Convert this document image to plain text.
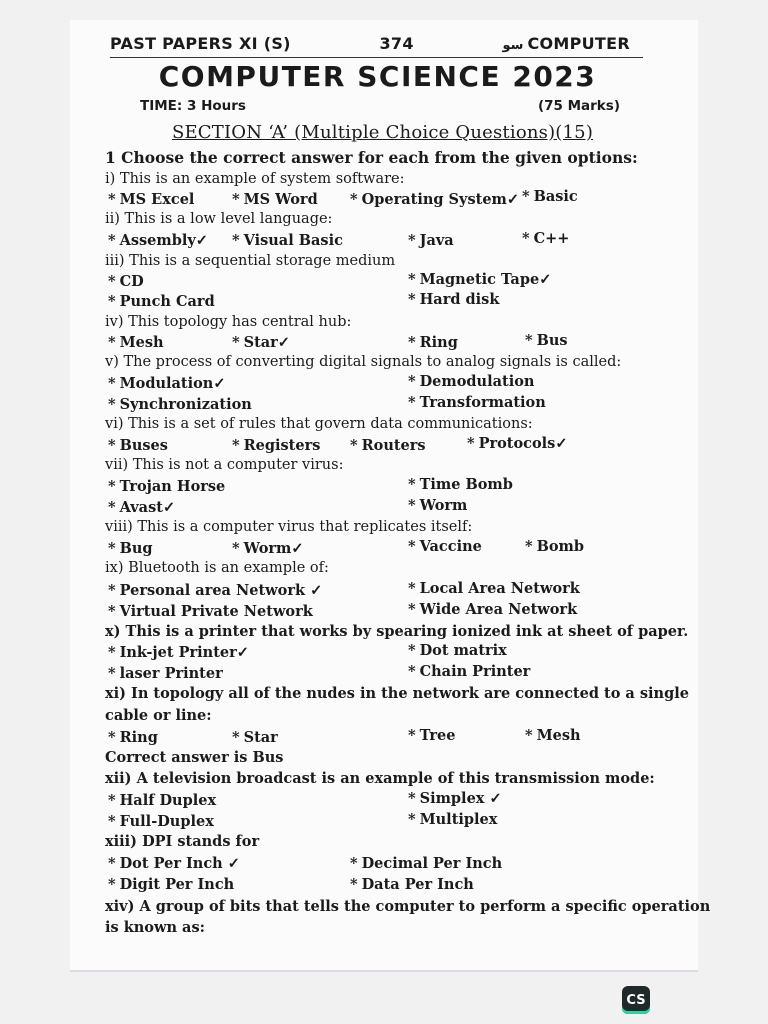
PAST PAPERS XI (S)	374	سو COMPUTER
COMPUTER SCIENCE 2023
TIME: 3 Hours	(75 Marks)
SECTION ‘A’ (Multiple Choice Questions)(15)
1 Choose the correct answer for each from the given options:
i) This is an example of system software:
* MS Excel	* MS Word * Operating System✓ * Basic
ii) This is a low level language:
* Assembly✓ * Visual Basic	* Java	* C++
iii) This is a sequential storage medium
* CD	* Magnetic Tape✓
* Punch Card	* Hard disk
iv) This topology has central hub:
* Mesh	* Star✓	* Ring	* Bus
v) The process of converting digital signals to analog signals is called:
* Modulation✓	* Demodulation
* Synchronization	* Transformation
vi) This is a set of rules that govern data communications:
* Buses	* Registers * Routers	* Protocols✓
vii) This is not a computer virus:
* Trojan Horse	* Time Bomb
* Avast✓	* Worm
viii) This is a computer virus that replicates itself:
* Bug	* Worm✓	* Vaccine	* Bomb
ix) Bluetooth is an example of:
* Personal area Network ✓	* Local Area Network
* Virtual Private Network	* Wide Area Network
x) This is a printer that works by spearing ionized ink at sheet of paper.
* Ink-jet Printer✓	* Dot matrix
* laser Printer	* Chain Printer
xi) In topology all of the nudes in the network are connected to a single
cable or line:
* Ring	* Star	* Tree	* Mesh
Correct answer is Bus
xii) A television broadcast is an example of this transmission mode:
* Half Duplex	* Simplex ✓
* Full-Duplex	* Multiplex
xiii) DPI stands for
* Dot Per Inch ✓	* Decimal Per Inch
* Digit Per Inch	* Data Per Inch
xiv) A group of bits that tells the computer to perform a specific operation
is known as:
CS
